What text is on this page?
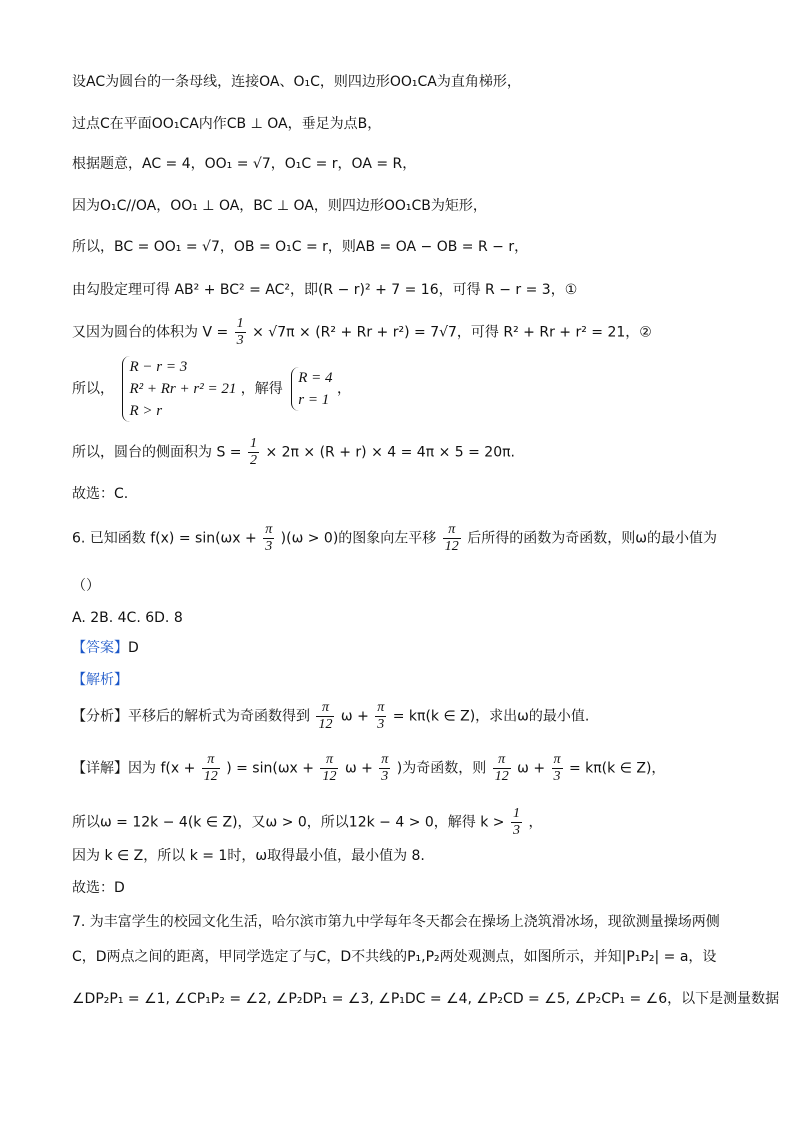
设AC为圆台的一条母线，连接OA、O₁C，则四边形OO₁CA为直角梯形，
过点C在平面OO₁CA内作CB ⊥ OA，垂足为点B，
根据题意，AC = 4，OO₁ = √7，O₁C = r，OA = R，
因为O₁C//OA，OO₁ ⊥ OA，BC ⊥ OA，则四边形OO₁CB为矩形，
所以，BC = OO₁ = √7，OB = O₁C = r，则AB = OA − OB = R − r，
由勾股定理可得 AB² + BC² = AC²，即(R − r)² + 7 = 16，可得 R − r = 3，①
又因为圆台的体积为 $V = \frac{1}{3} \times √7\pi \times (R^2 + Rr + r^2) = 7√7$，可得 R² + Rr + r² = 21，②
所以，
R − r = 3
R² + Rr + r² = 21
R > r
，解得
R = 4
r = 1
，
所以，圆台的侧面积为 $S = \frac{1}{2} \times 2\pi \times (R + r) \times 4 = 4\pi \times 5 = 20\pi$.
故选：C.
6. 已知函数 $f(x) = \sin(\omega x + \frac{\pi}{3} )(\omega > 0)$的图象向左平移 $\frac{\pi}{12}$ 后所得的函数为奇函数，则ω的最小值为
（）
A. 2B. 4C. 6D. 8
【答案】D
【解析】
【分析】平移后的解析式为奇函数得到 $\frac{\pi}{12}$ $\omega + \frac{\pi}{3} = k\pi(k$ ∈ Z)，求出ω的最小值.
【详解】因为 $f(x + \frac{\pi}{12}$ ) = $\sin(\omega x + \frac{\pi}{12}$ $\omega + \frac{\pi}{3}$ )为奇函数，则 $\frac{\pi}{12}$ $\omega + \frac{\pi}{3} = k\pi(k$ ∈ Z)，
所以ω = 12k − 4(k ∈ Z)，又ω > 0，所以12k − 4 > 0，解得 $k > \frac{1}{3}$ ，
因为 k ∈ Z，所以 k = 1时，ω取得最小值，最小值为 8.
故选：D
7. 为丰富学生的校园文化生活，哈尔滨市第九中学每年冬天都会在操场上浇筑滑冰场，现欲测量操场两侧
C，D两点之间的距离，甲同学选定了与C，D不共线的P₁,P₂两处观测点，如图所示，并知|P₁P₂| = a，设
∠DP₂P₁ = ∠1, ∠CP₁P₂ = ∠2, ∠P₂DP₁ = ∠3, ∠P₁DC = ∠4, ∠P₂CD = ∠5, ∠P₂CP₁ = ∠6，以下是测量数据
